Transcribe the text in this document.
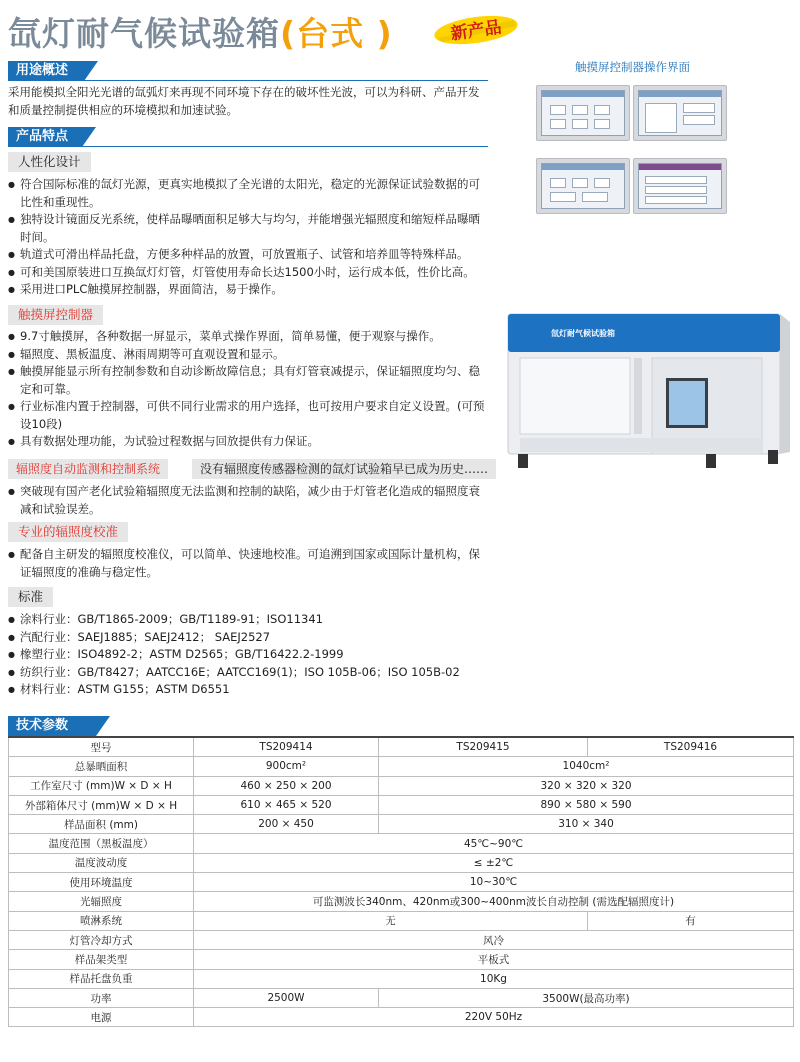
氙灯耐气候试验箱(台式 )	新产品
用途概述
采用能模拟全阳光光谱的氙弧灯来再现不同环境下存在的破坏性光波，可以为科研、产品开发和质量控制提供相应的环境模拟和加速试验。
产品特点
人性化设计
● 符合国际标准的氙灯光源，更真实地模拟了全光谱的太阳光，稳定的光源保证试验数据的可比性和重现性。
● 独特设计镜面反光系统，使样品曝晒面积足够大与均匀，并能增强光辐照度和缩短样品曝晒时间。
● 轨道式可滑出样品托盘，方便多种样品的放置，可放置瓶子、试管和培养皿等特殊样品。
● 可和美国原装进口互换氙灯灯管，灯管使用寿命长达1500小时，运行成本低，性价比高。
● 采用进口PLC触摸屏控制器，界面简洁，易于操作。
触摸屏控制器
● 9.7寸触摸屏，各种数据一屏显示，菜单式操作界面，简单易懂，便于观察与操作。
● 辐照度、黑板温度、淋雨周期等可直观设置和显示。
● 触摸屏能显示所有控制参数和自动诊断故障信息；具有灯管衰减提示，保证辐照度均匀、稳定和可靠。
● 行业标准内置于控制器，可供不同行业需求的用户选择，也可按用户要求自定义设置。(可预设10段)
● 具有数据处理功能，为试验过程数据与回放提供有力保证。
辐照度自动监测和控制系统	没有辐照度传感器检测的氙灯试验箱早已成为历史……
● 突破现有国产老化试验箱辐照度无法监测和控制的缺陷，减少由于灯管老化造成的辐照度衰减和试验误差。
专业的辐照度校准
● 配备自主研发的辐照度校准仪，可以简单、快速地校准。可追溯到国家或国际计量机构，保证辐照度的准确与稳定性。
标准
● 涂料行业：GB/T1865-2009；GB/T1189-91；ISO11341
● 汽配行业：SAEJ1885；SAEJ2412； SAEJ2527
● 橡塑行业：ISO4892-2；ASTM D2565；GB/T16422.2-1999
● 纺织行业：GB/T8427；AATCC16E；AATCC169(1)；ISO 105B-06；ISO 105B-02
● 材料行业：ASTM G155；ASTM D6551
触摸屏控制器操作界面
氙灯耐气候试验箱
技术参数
型号	TS209414	TS209415	TS209416
总暴晒面积	900cm²	1040cm²	
工作室尺寸 (mm)W × D × H	460 × 250 × 200	320 × 320 × 320	
外部箱体尺寸 (mm)W × D × H	610 × 465 × 520	890 × 580 × 590	
样品面积 (mm)	200 × 450	310 × 340	
温度范围（黑板温度）	45℃~90℃		
温度波动度	≤ ±2℃		
使用环境温度	10~30℃		
光辐照度	可监测波长340nm、420nm或300~400nm波长自动控制 (需选配辐照度计)		
喷淋系统	无		有
灯管冷却方式	风冷		
样品架类型	平板式		
样品托盘负重	10Kg		
功率	2500W	3500W(最高功率)	
电源	220V 50Hz		
